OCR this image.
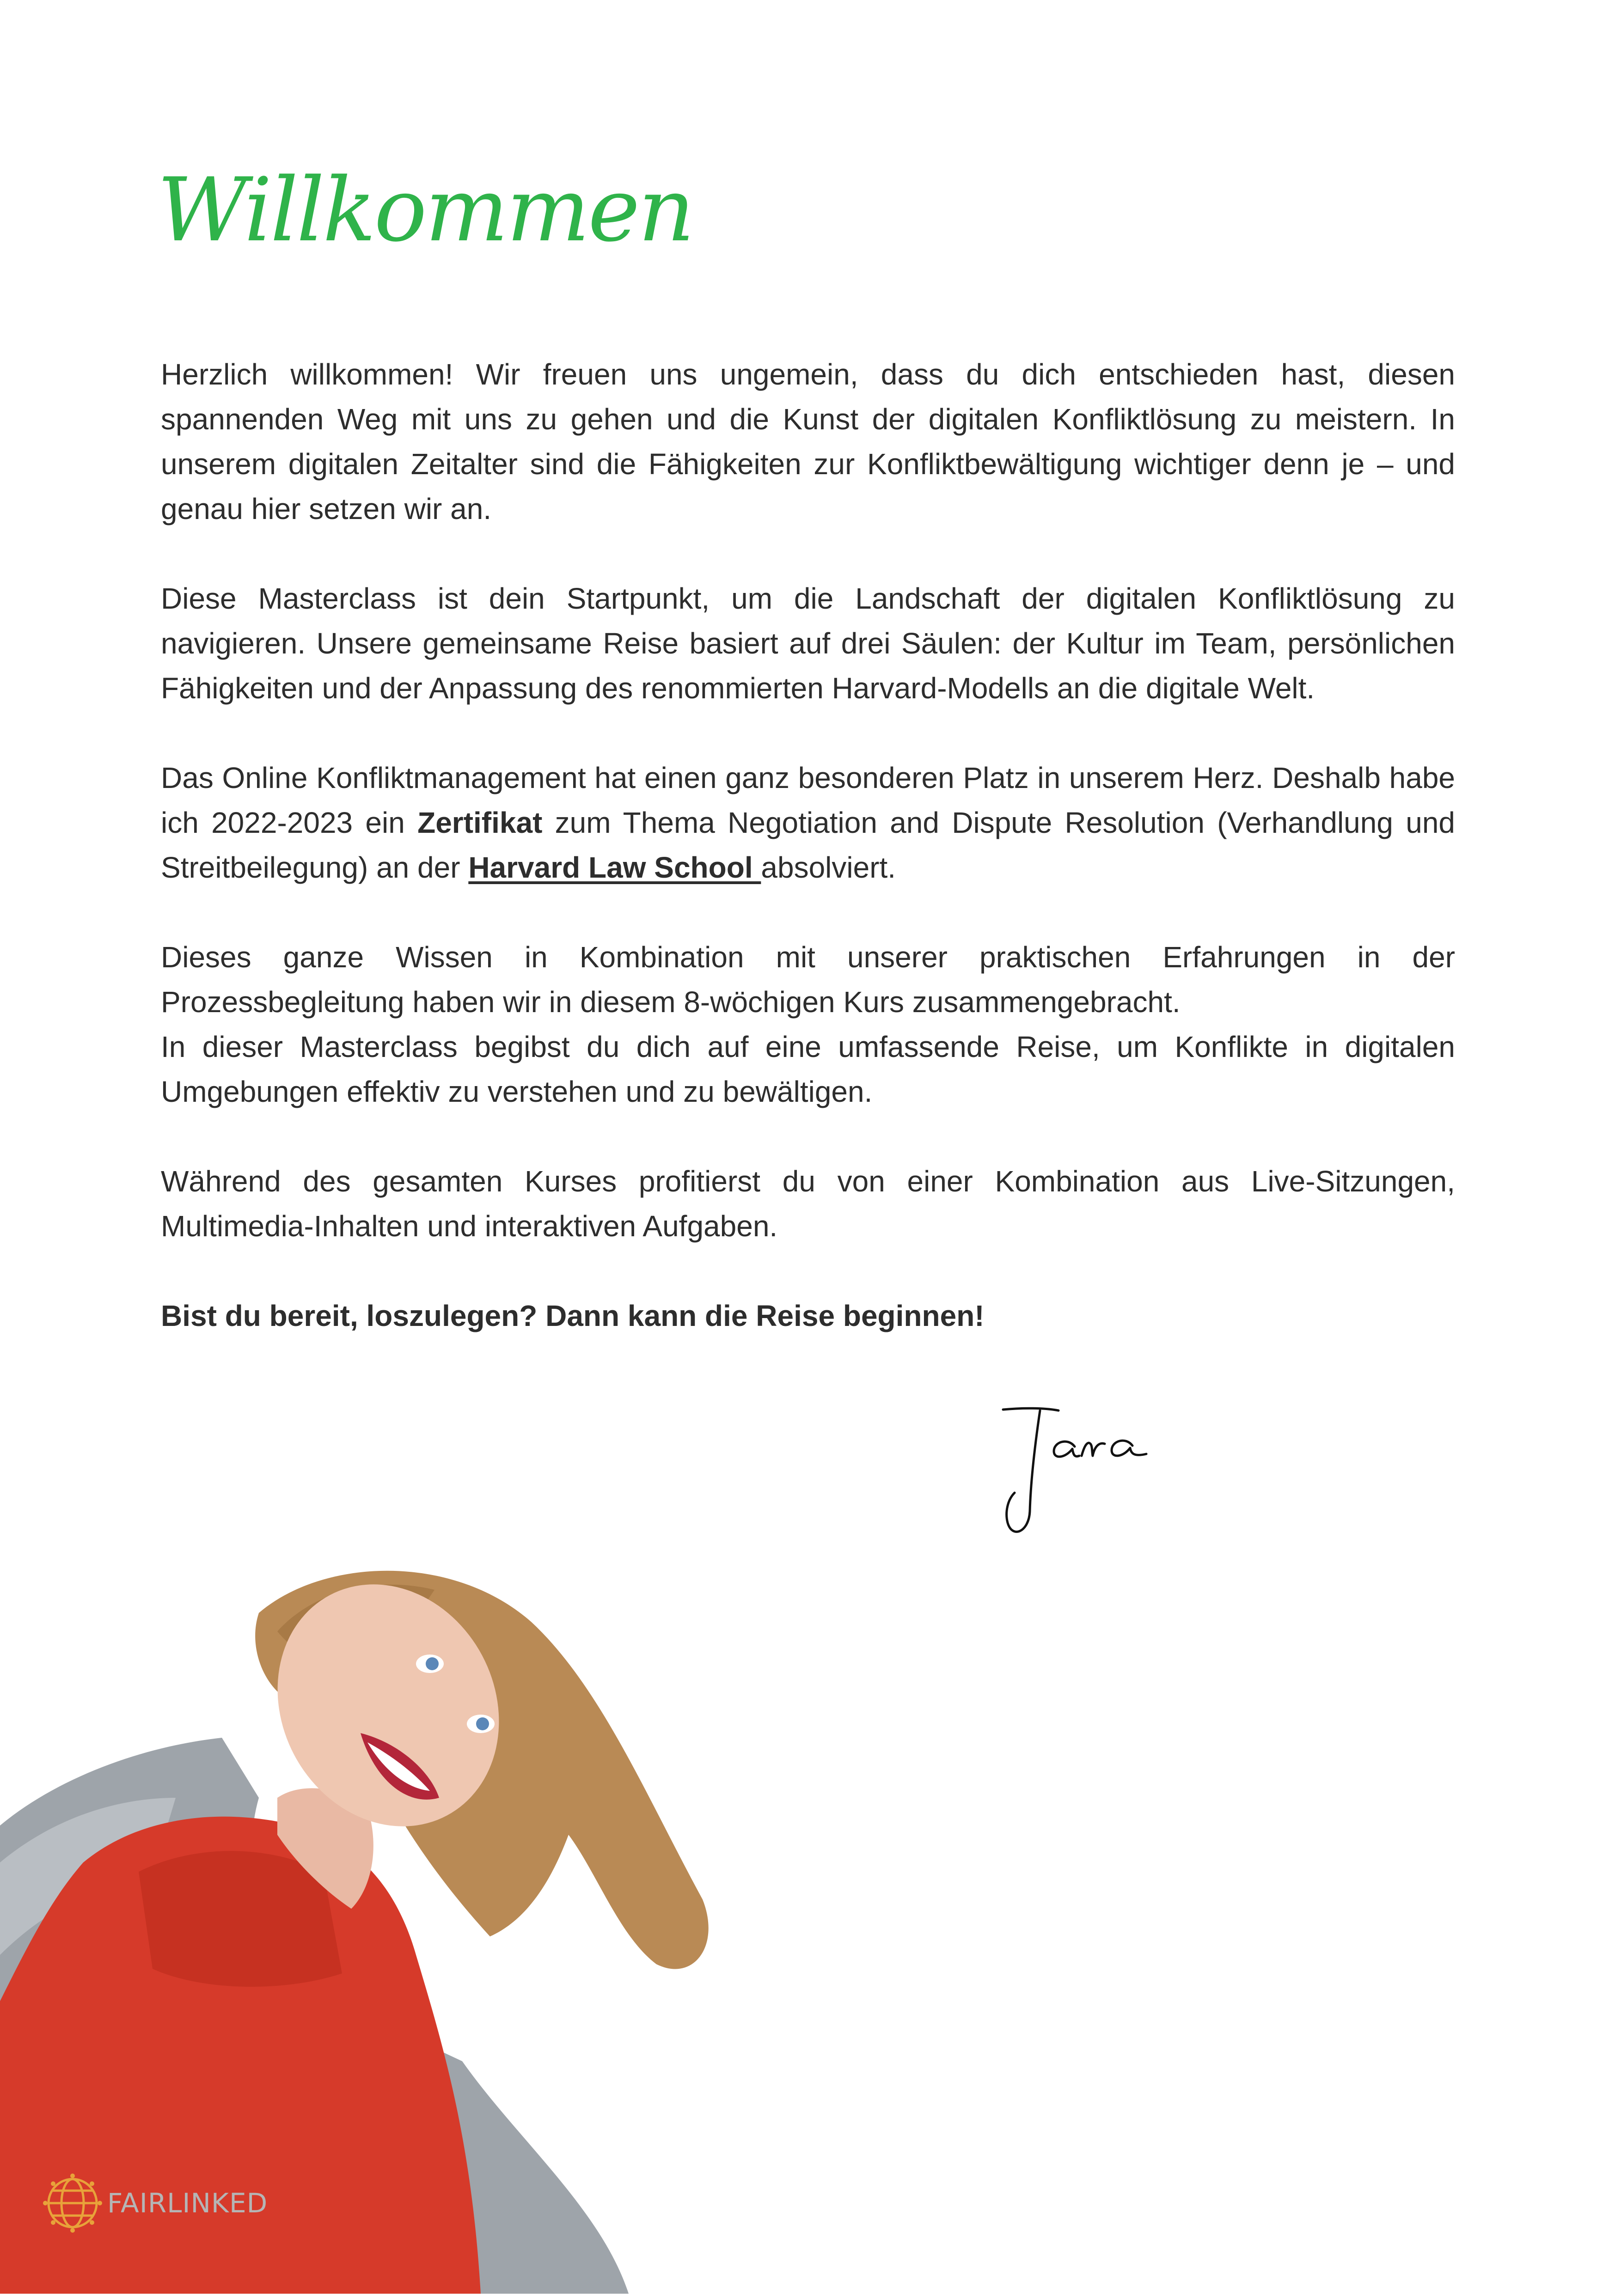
Willkommen

Herzlich willkommen! Wir freuen uns ungemein, dass du dich entschieden hast, diesen spannenden Weg mit uns zu gehen und die Kunst der digitalen Konfliktlösung zu meistern. In unserem digitalen Zeitalter sind die Fähigkeiten zur Konfliktbewältigung wichtiger denn je – und genau hier setzen wir an.

Diese Masterclass ist dein Startpunkt, um die Landschaft der digitalen Konfliktlösung zu navigieren. Unsere gemeinsame Reise basiert auf drei Säulen: der Kultur im Team, persönlichen Fähigkeiten und der Anpassung des renommierten Harvard-Modells an die digitale Welt.

Das Online Konfliktmanagement hat einen ganz besonderen Platz in unserem Herz. Deshalb habe ich 2022-2023 ein Zertifikat zum Thema Negotiation and Dispute Resolution (Verhandlung und Streitbeilegung) an der Harvard Law School absolviert.

Dieses ganze Wissen in Kombination mit unserer praktischen Erfahrungen in der Prozessbegleitung haben wir in diesem 8-wöchigen Kurs zusammengebracht.

In dieser Masterclass begibst du dich auf eine umfassende Reise, um Konflikte in digitalen Umgebungen effektiv zu verstehen und zu bewältigen.

Während des gesamten Kurses profitierst du von einer Kombination aus Live-Sitzungen, Multimedia-Inhalten und interaktiven Aufgaben.

Bist du bereit, loszulegen? Dann kann die Reise beginnen!

FAIRLINKED
